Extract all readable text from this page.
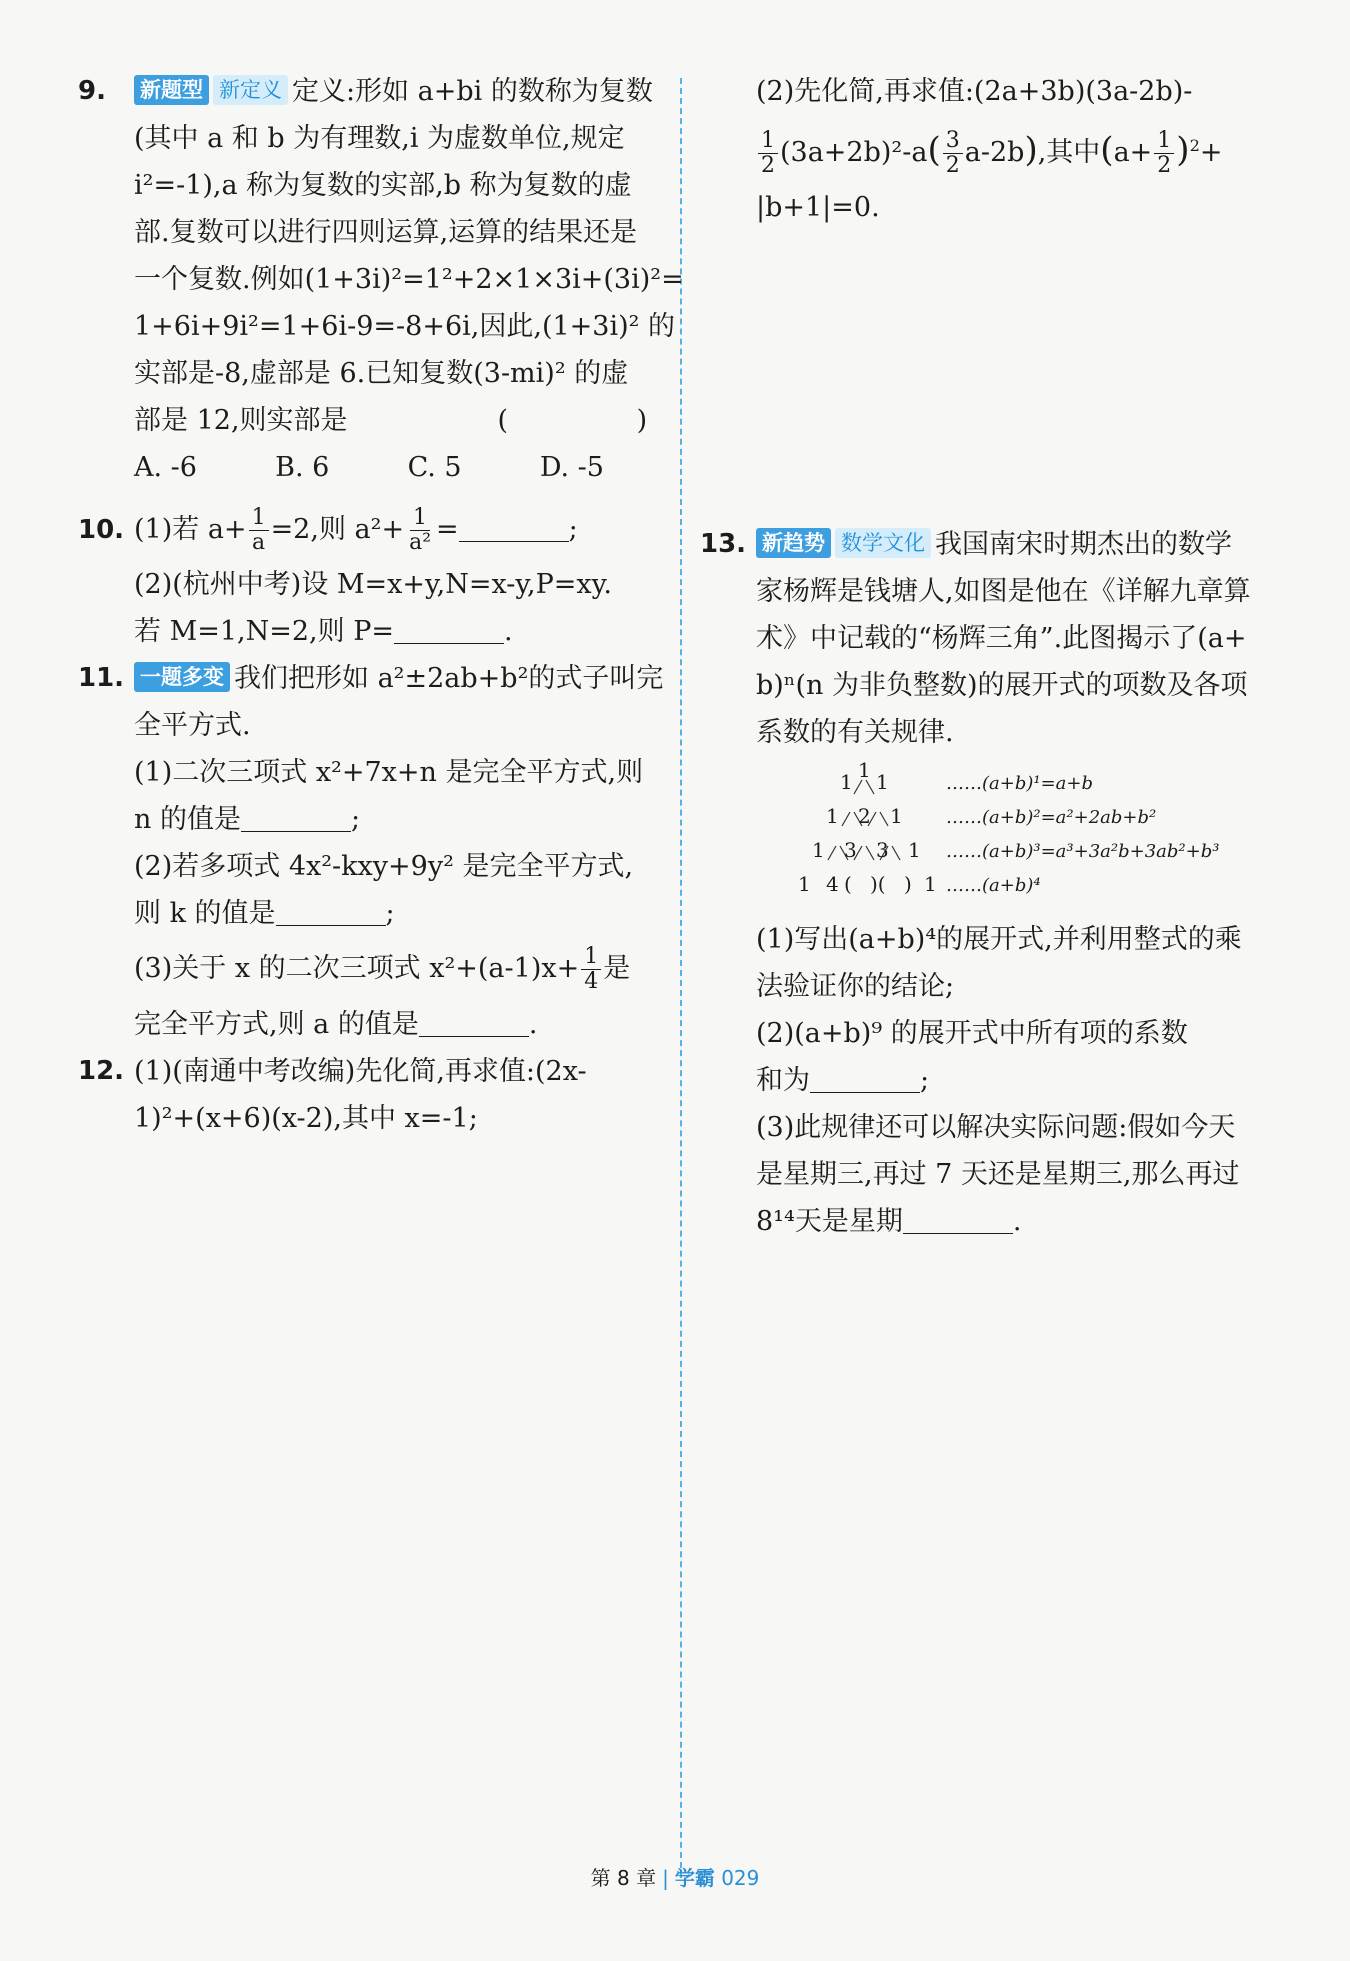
9. 新题型 新定义 定义:形如 a+bi 的数称为复数
(其中 a 和 b 为有理数,i 为虚数单位,规定
i²=-1),a 称为复数的实部,b 称为复数的虚
部.复数可以进行四则运算,运算的结果还是
一个复数.例如(1+3i)²=1²+2×1×3i+(3i)²=
1+6i+9i²=1+6i-9=-8+6i,因此,(1+3i)² 的
实部是-8,虚部是 6.已知复数(3-mi)² 的虚
部是 12,则实部是	( )
A. -6	B. 6	C. 5	D. -5
10. (1)若 $a+ \frac{1}{a} =2$,则 $a^2+ \frac{1}{\text{a²}}$ =	;
(2)(杭州中考)设 M=x+y,N=x-y,P=xy.
若 M=1,N=2,则 P=	.
11. 一题多变 我们把形如 a²±2ab+b²的式子叫完
全平方式.
(1)二次三项式 x²+7x+n 是完全平方式,则
n 的值是	;
(2)若多项式 4x²-kxy+9y² 是完全平方式,
则 k 的值是	;
(3)关于 x 的二次三项式 $x^2+(a-1)x+ \frac{1}{4}$ 是
完全平方式,则 a 的值是	.
12. (1)(南通中考改编)先化简,再求值:(2x-
1)²+(x+6)(x-2),其中 x=-1;
(2)先化简,再求值:(2a+3b)(3a-2b)-
$\frac{1}{2} (3a+2b)^2-a( \frac{3}{2} a-2b)$,其中$(a+ \frac{1}{2} )^2+$
|b+1|=0.
13. 新趋势 数学文化 我国南宋时期杰出的数学
家杨辉是钱塘人,如图是他在《详解九章算
术》中记载的“杨辉三角”.此图揭示了(a+
b)ⁿ(n 为非负整数)的展开式的项数及各项
系数的有关规律.
1
1 1
1 2 1
1 3 3 1
1 4 ( )( ) 1
……(a+b)¹=a+b
……(a+b)²=a²+2ab+b²
……(a+b)³=a³+3a²b+3ab²+b³
……(a+b)⁴
(1)写出(a+b)⁴的展开式,并利用整式的乘
法验证你的结论;
(2)(a+b)⁹ 的展开式中所有项的系数
和为	;
(3)此规律还可以解决实际问题:假如今天
是星期三,再过 7 天还是星期三,那么再过
8¹⁴天是星期	.
第 8 章 | 学霸 029
